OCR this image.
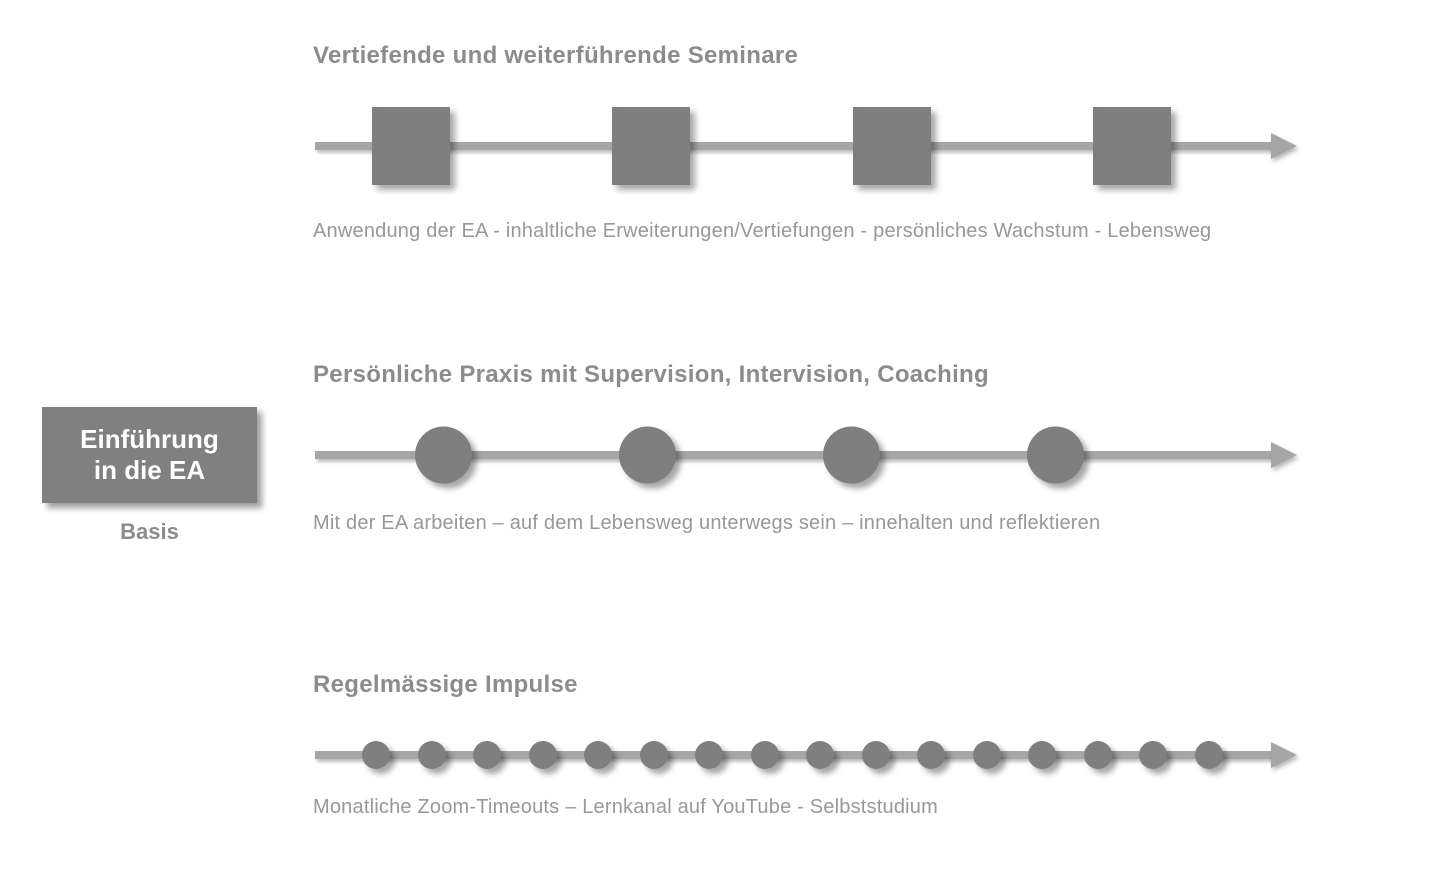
Einführung
in die EA
Basis
Vertiefende und weiterführende Seminare
Anwendung der EA - inhaltliche Erweiterungen/Vertiefungen - persönliches Wachstum - Lebensweg
Persönliche Praxis mit Supervision, Intervision, Coaching
Mit der EA arbeiten – auf dem Lebensweg unterwegs sein – innehalten und reflektieren
Regelmässige Impulse
Monatliche Zoom-Timeouts – Lernkanal auf YouTube - Selbststudium
